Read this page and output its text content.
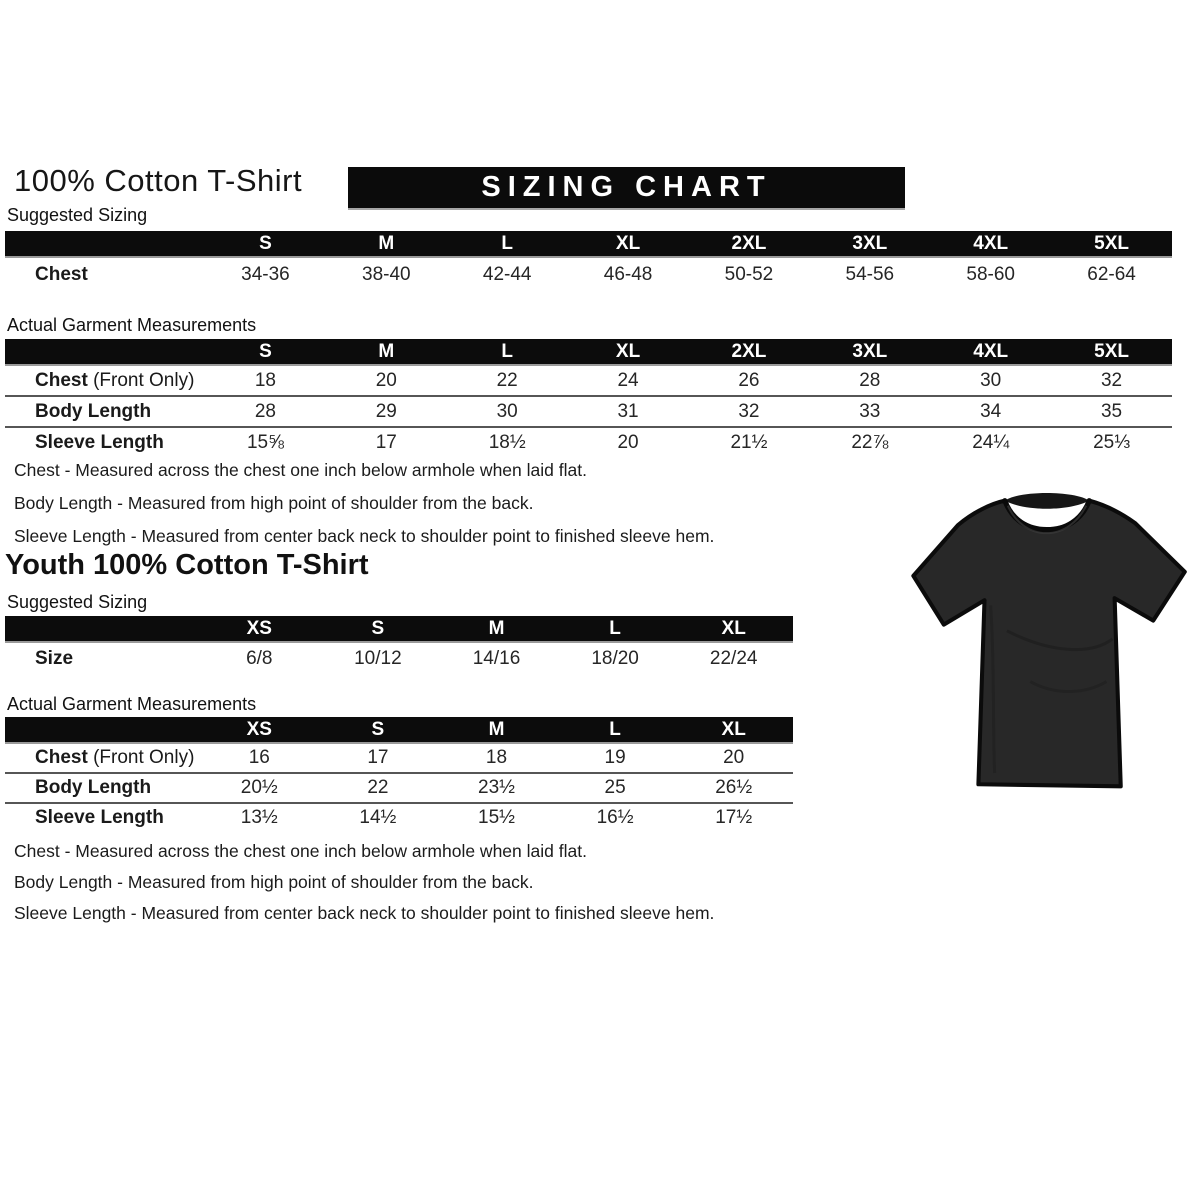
100% Cotton T-Shirt	SIZING CHART

Suggested Sizing

S	M	L	XL	2XL	3XL	4XL	5XL
Chest	34-36	38-40	42-44	46-48	50-52	54-56	58-60	62-64

Actual Garment Measurements

S	M	L	XL	2XL	3XL	4XL	5XL
Chest (Front Only)	18	20	22	24	26	28	30	32
Body Length	28	29	30	31	32	33	34	35
Sleeve Length	15⅝	17	18½	20	21½	22⅞	24¼	25⅓

Chest - Measured across the chest one inch below armhole when laid flat.

Body Length - Measured from high point of shoulder from the back.

Sleeve Length - Measured from center back neck to shoulder point to finished sleeve hem.

Youth 100% Cotton T-Shirt

Suggested Sizing

XS	S	M	L	XL
Size	6/8	10/12	14/16	18/20	22/24

Actual Garment Measurements

XS	S	M	L	XL
Chest (Front Only)	16	17	18	19	20
Body Length	20½	22	23½	25	26½
Sleeve Length	13½	14½	15½	16½	17½

Chest - Measured across the chest one inch below armhole when laid flat.

Body Length - Measured from high point of shoulder from the back.

Sleeve Length - Measured from center back neck to shoulder point to finished sleeve hem.
